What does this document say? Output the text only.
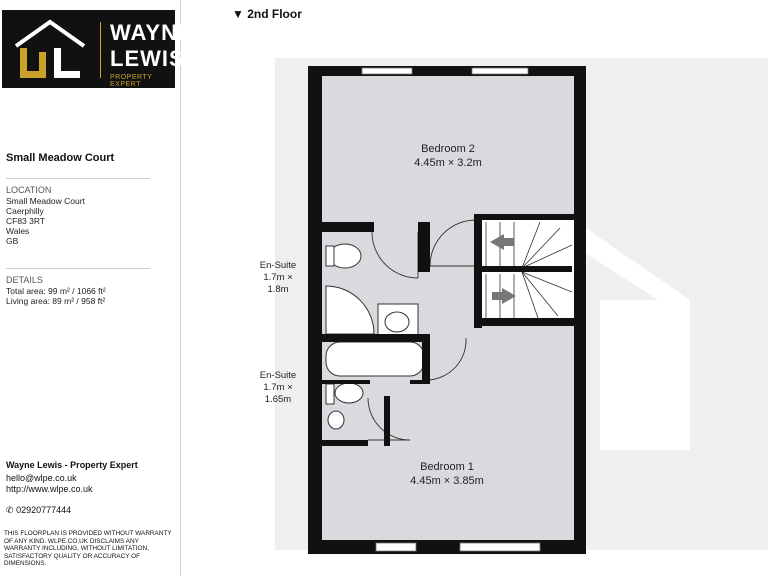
WAYNE
LEWIS
PROPERTY EXPERT
Small Meadow Court
LOCATION
Small Meadow Court
Caerphilly
CF83 3RT
Wales
GB
DETAILS
Total area: 99 m² / 1066 ft²
Living area: 89 m² / 958 ft²
Wayne Lewis - Property Expert
hello@wlpe.co.uk
http://www.wlpe.co.uk
✆ 02920777444
THIS FLOORPLAN IS PROVIDED WITHOUT WARRANTY OF ANY KIND. WLPE.CO.UK DISCLAIMS ANY WARRANTY INCLUDING, WITHOUT LIMITATION, SATISFACTORY QUALITY OR ACCURACY OF DIMENSIONS.
▼ 2nd Floor
Bedroom 2
4.45m × 3.2m
Bedroom 1
4.45m × 3.85m
En-Suite
1.7m ×
1.8m
En-Suite
1.7m ×
1.65m
